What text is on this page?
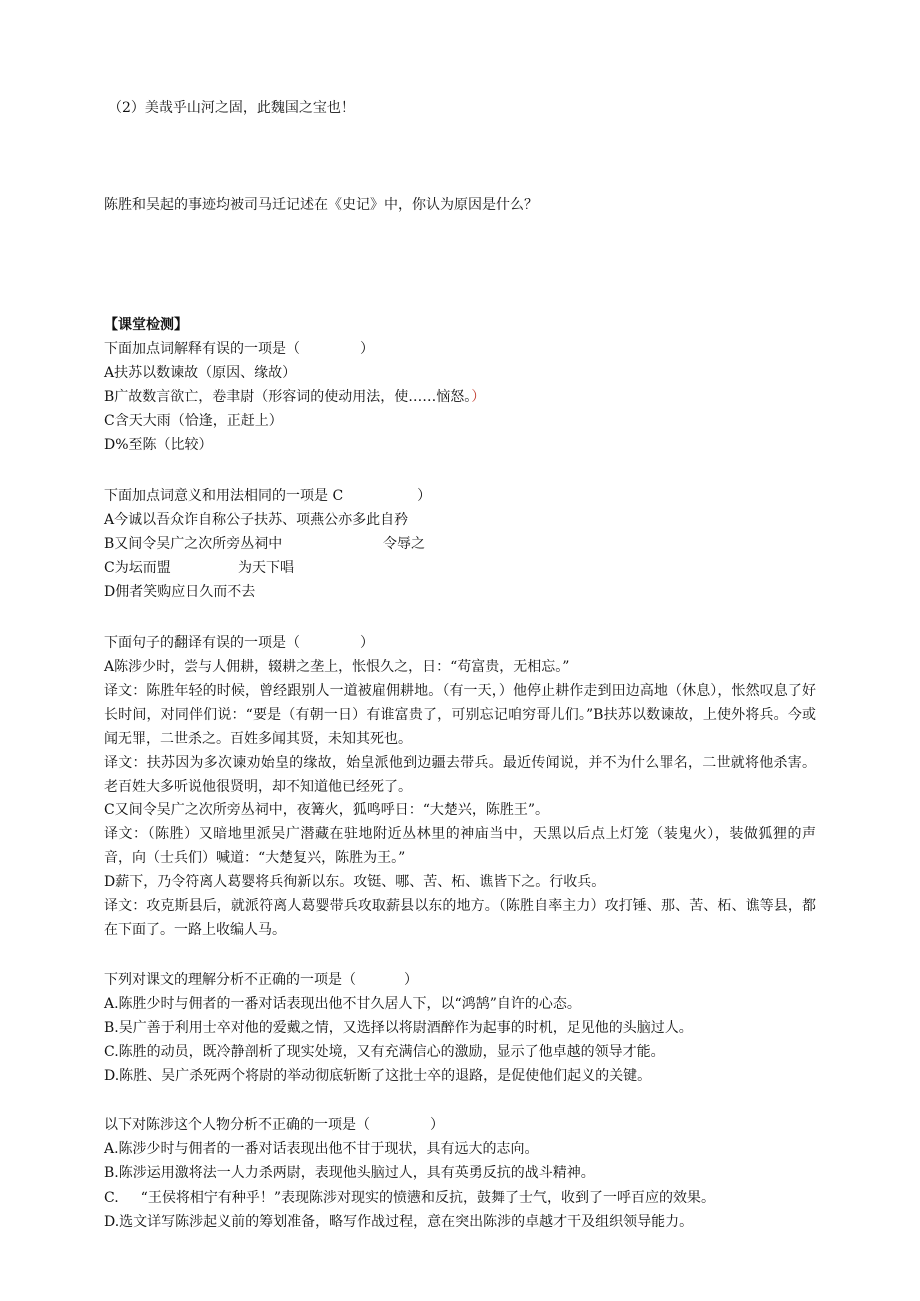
（2）美哉乎山河之固，此魏国之宝也！
陈胜和吴起的事迹均被司马迁记述在《史记》中，你认为原因是什么？
【课堂检测】
下面加点词解释有误的一项是（	）
A扶苏以数谏故（原因、缘故）
B广故数言欲亡，卷聿尉（形容词的使动用法，使……恼怒。）
C含天大雨（恰逢，正赶上）
D%至陈（比较）
下面加点词意义和用法相同的一项是 C	）
A今诚以吾众诈自称公子扶苏、项燕公亦多此自矜
B又间令吴广之次所旁丛祠中	令辱之
C为坛而盟	为天下唱
D佣者笑购应日久而不去
下面句子的翻译有误的一项是（	）
A陈涉少时，尝与人佣耕，辍耕之垄上，怅恨久之，日：“苟富贵，无相忘。”
译文：陈胜年轻的时候，曾经跟别人一道被雇佣耕地。（有一天，）他停止耕作走到田边高地（休息），怅然叹息了好长时间，对同伴们说：“要是（有朝一日）有谁富贵了，可别忘记咱穷哥儿们。”B扶苏以数谏故，上使外将兵。今或闻无罪，二世杀之。百姓多闻其贤，未知其死也。
译文：扶苏因为多次谏劝始皇的缘故，始皇派他到边疆去带兵。最近传闻说，并不为什么罪名，二世就将他杀害。老百姓大多听说他很贤明，却不知道他已经死了。
C又间令吴广之次所旁丛祠中，夜篝火，狐鸣呼日：“大楚兴，陈胜王”。
译文：（陈胜）又暗地里派吴广潜藏在驻地附近丛林里的神庙当中，天黑以后点上灯笼（装鬼火），装做狐狸的声音，向（士兵们）喊道：“大楚复兴，陈胜为王。”
D薪下，乃令符离人葛婴将兵徇新以东。攻铤、哪、苦、柘、谯皆下之。行收兵。
译文：攻克斯县后，就派符离人葛婴带兵攻取薪县以东的地方。（陈胜自率主力）攻打锤、那、苦、柘、谯等县，都在下面了。一路上收编人马。
下列对课文的理解分析不正确的一项是（	）
A.陈胜少时与佣者的一番对话表现出他不甘久居人下，以“鸿鹄”自许的心态。
B.吴广善于利用士卒对他的爱戴之情，又选择以将尉酒醉作为起事的时机，足见他的头脑过人。
C.陈胜的动员，既冷静剖析了现实处境，又有充满信心的激励，显示了他卓越的领导才能。
D.陈胜、吴广杀死两个将尉的举动彻底斩断了这批士卒的退路，是促使他们起义的关键。
以下对陈涉这个人物分析不正确的一项是（	）
A.陈涉少时与佣者的一番对话表现出他不甘于现状，具有远大的志向。
B.陈涉运用激将法一人力杀两尉，表现他头脑过人，具有英勇反抗的战斗精神。
C. “王侯将相宁有种乎！”表现陈涉对现实的愤懑和反抗，鼓舞了士气，收到了一呼百应的效果。
D.选文详写陈涉起义前的筹划准备，略写作战过程，意在突出陈涉的卓越才干及组织领导能力。
